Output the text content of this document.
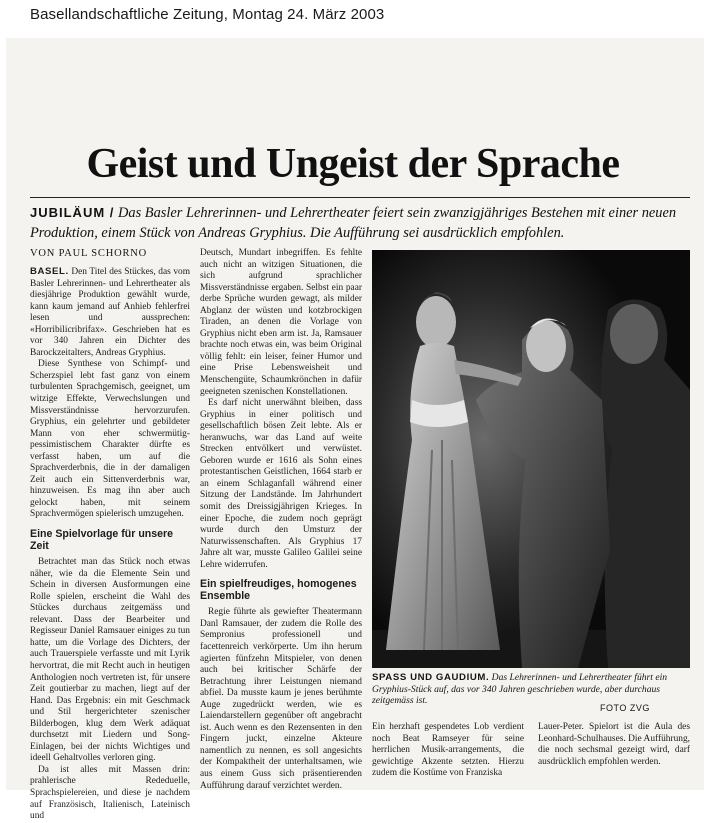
Basellandschaftliche Zeitung, Montag 24. März 2003
Geist und Ungeist der Sprache
JUBILÄUM / Das Basler Lehrerinnen- und Lehrertheater feiert sein zwanzigjähriges Bestehen mit einer neuen Produktion, einem Stück von Andreas Gryphius. Die Aufführung sei ausdrücklich empfohlen.
VON PAUL SCHORNO

BASEL. Den Titel des Stückes, das vom Basler Lehrerinnen- und Lehrertheater als diesjährige Produktion gewählt wurde, kann kaum jemand auf Anhieb fehlerfrei lesen und aussprechen: «Horribilicribrifax». Geschrieben hat es vor 340 Jahren ein Dichter des Barockzeitalters, Andreas Gryphius.

Diese Synthese von Schimpf- und Scherzspiel lebt fast ganz von einem turbulenten Sprachgemisch, geeignet, um witzige Effekte, Verwechslungen und Missverständnisse hervorzurufen. Gryphius, ein gelehrter und gebildeter Mann von eher schwermütig-pessimistischem Charakter dürfte es verfasst haben, um auf die Sprachverderbnis, die in der damaligen Zeit auch ein Sittenverderbnis war, hinzuweisen. Es mag ihn aber auch gelockt haben, mit seinem Sprachvermögen spielerisch umzugehen.

Eine Spielvorlage für unsere Zeit

Betrachtet man das Stück noch etwas näher, wie da die Elemente Sein und Schein in diversen Ausformungen eine Rolle spielen, erscheint die Wahl des Stückes durchaus zeitgemäss und relevant. Dass der Bearbeiter und Regisseur Daniel Ramsauer einiges zu tun hatte, um die Vorlage des Dichters, der auch Trauerspiele verfasste und mit Lyrik hervortrat, die mit Recht auch in heutigen Anthologien noch vertreten ist, für unsere Zeit goutierbar zu machen, liegt auf der Hand. Das Ergebnis: ein mit Geschmack und Stil hergerichteter szenischer Bilderbogen, klug dem Werk adäquat durchsetzt mit Liedern und Song-Einlagen, bei der nichts Wichtiges und ideell Gehaltvolles verloren ging.

Da ist alles mit Massen drin: prahlerische Rededuelle, Sprachspielereien, und diese je nachdem auf Französisch, Italienisch, Lateinisch und

Deutsch, Mundart inbegriffen. Es fehlte auch nicht an witzigen Situationen, die sich aufgrund sprachlicher Missverständnisse ergaben. Selbst ein paar derbe Sprüche wurden gewagt, als milder Abglanz der wüsten und kotzbrockigen Tiraden, an denen die Vorlage von Gryphius nicht eben arm ist. Ja, Ramsauer brachte noch etwas ein, was beim Original völlig fehlt: ein leiser, feiner Humor und eine Prise Lebensweisheit und Menschengüte, Schaumkrönchen in dafür geeigneten szenischen Konstellationen.

Es darf nicht unerwähnt bleiben, dass Gryphius in einer politisch und gesellschaftlich bösen Zeit lebte. Als er heranwuchs, war das Land auf weite Strecken entvölkert und verwüstet. Geboren wurde er 1616 als Sohn eines protestantischen Geistlichen, 1664 starb er an einem Schlaganfall während einer Sitzung der Landstände. Im Jahrhundert somit des Dreissigjährigen Krieges. In einer Epoche, die zudem noch geprägt wurde durch den Umsturz der Naturwissenschaften. Als Gryphius 17 Jahre alt war, musste Galileo Galilei seine Lehre widerrufen.

Ein spielfreudiges, homogenes Ensemble

Regie führte als gewiefter Theatermann Danl Ramsauer, der zudem die Rolle des Sempronius professionell und facettenreich verkörperte. Um ihn herum agierten fünfzehn Mitspieler, von denen auch bei kritischer Schärfe der Betrachtung ihrer Leistungen niemand abfiel. Da musste kaum je jenes berühmte Auge zugedrückt werden, wie es Laiendarstellern gegenüber oft angebracht ist. Auch wenn es den Rezensenten in den Fingern juckt, einzelne Akteure namentlich zu nennen, es soll angesichts der Kompaktheit der unterhaltsamen, wie aus einem Guss sich präsentierenden Aufführung darauf verzichtet werden.

SPASS UND GAUDIUM. Das Lehrerinnen- und Lehrertheater führt ein Gryphius-Stück auf, das vor 340 Jahren geschrieben wurde, aber durchaus zeitgemäss ist.
FOTO ZVG

Ein herzhaft gespendetes Lob verdient noch Beat Ramseyer für seine herrlichen Musik-arrangements, die gewichtige Akzente setzten. Hierzu zudem die Kostüme von Franziska

Lauer-Peter. Spielort ist die Aula des Leonhard-Schulhauses. Die Aufführung, die noch sechsmal gezeigt wird, darf ausdrücklich empfohlen werden.
